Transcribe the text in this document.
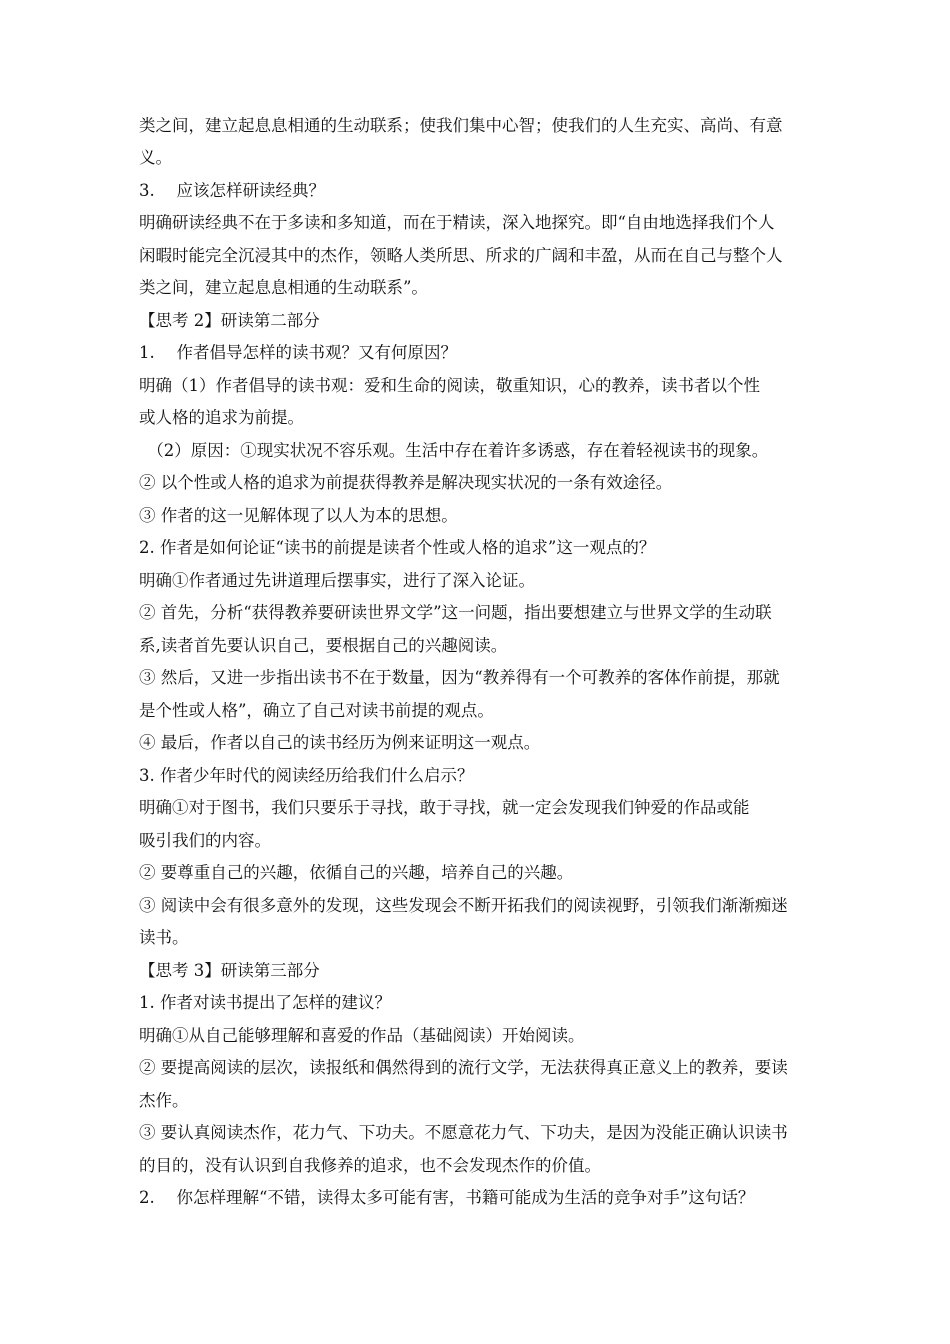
类之间，建立起息息相通的生动联系；使我们集中心智；使我们的人生充实、高尚、有意
义。
3.　 应该怎样研读经典？
明确研读经典不在于多读和多知道，而在于精读，深入地探究。即“自由地选择我们个人
闲暇时能完全沉浸其中的杰作，领略人类所思、所求的广阔和丰盈，从而在自己与整个人
类之间，建立起息息相通的生动联系”。
【思考 2】研读第二部分
1.　 作者倡导怎样的读书观？又有何原因？
明确（1）作者倡导的读书观：爱和生命的阅读，敬重知识，心的教养，读书者以个性
或人格的追求为前提。
　（2）原因：①现实状况不容乐观。生活中存在着许多诱惑，存在着轻视读书的现象。
② 以个性或人格的追求为前提获得教养是解决现实状况的一条有效途径。
③ 作者的这一见解体现了以人为本的思想。
2. 作者是如何论证“读书的前提是读者个性或人格的追求”这一观点的？
明确①作者通过先讲道理后摆事实，进行了深入论证。
② 首先，分析“获得教养要研读世界文学”这一问题，指出要想建立与世界文学的生动联
系,读者首先要认识自己，要根据自己的兴趣阅读。
③ 然后，又进一步指出读书不在于数量，因为“教养得有一个可教养的客体作前提，那就
是个性或人格”，确立了自己对读书前提的观点。
④ 最后，作者以自己的读书经历为例来证明这一观点。
3. 作者少年时代的阅读经历给我们什么启示？
明确①对于图书，我们只要乐于寻找，敢于寻找，就一定会发现我们钟爱的作品或能
吸引我们的内容。
② 要尊重自己的兴趣，依循自己的兴趣，培养自己的兴趣。
③ 阅读中会有很多意外的发现，这些发现会不断开拓我们的阅读视野，引领我们渐渐痴迷
读书。
【思考 3】研读第三部分
1. 作者对读书提出了怎样的建议？
明确①从自己能够理解和喜爱的作品（基础阅读）开始阅读。
② 要提高阅读的层次，读报纸和偶然得到的流行文学，无法获得真正意义上的教养，要读
杰作。
③ 要认真阅读杰作，花力气、下功夫。不愿意花力气、下功夫，是因为没能正确认识读书
的目的，没有认识到自我修养的追求，也不会发现杰作的价值。
2.　 你怎样理解“不错，读得太多可能有害，书籍可能成为生活的竞争对手”这句话？
